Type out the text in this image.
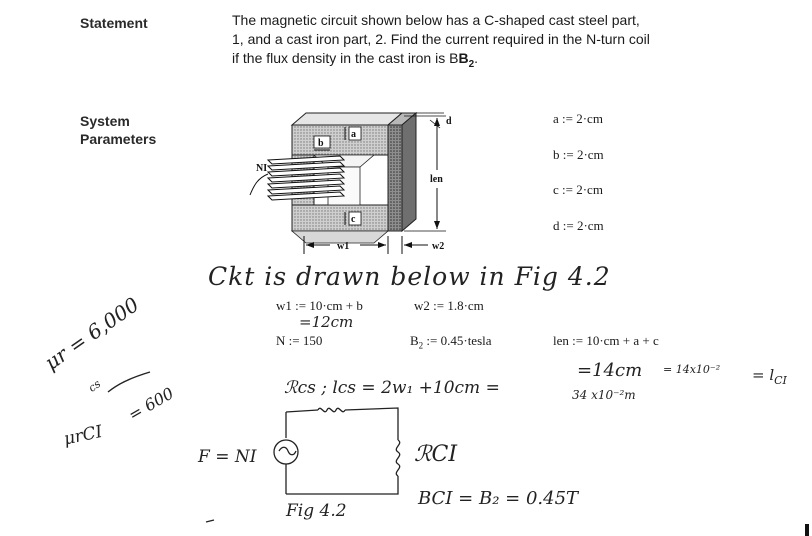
Statement	The magnetic circuit shown below has a C-shaped cast steel part,
1, and a cast iron part, 2. Find the current required in the N-turn coil
if the flux density in the cast iron is $BB_2$.
System
Parameters
NI
b
a
c
d
len
w1	w2
a := 2·cm
b := 2·cm
c := 2·cm
d := 2·cm
Ckt is drawn below in Fig 4.2
w1 := 10·cm + b	w2 := 1.8·cm
=12cm
N := 150	$B_2$ := 0.45·tesla	len := 10·cm + a + c
$=14cm = 14x10^{-2} = l_{CI}$
μr = 6,000
cs = 600
μrCI
ℛcs ; lcs = 2w₁ +10cm =	34 x10⁻²m
F = NI	ℛCI
BCI = B₂ = 0.45T
Fig 4.2
